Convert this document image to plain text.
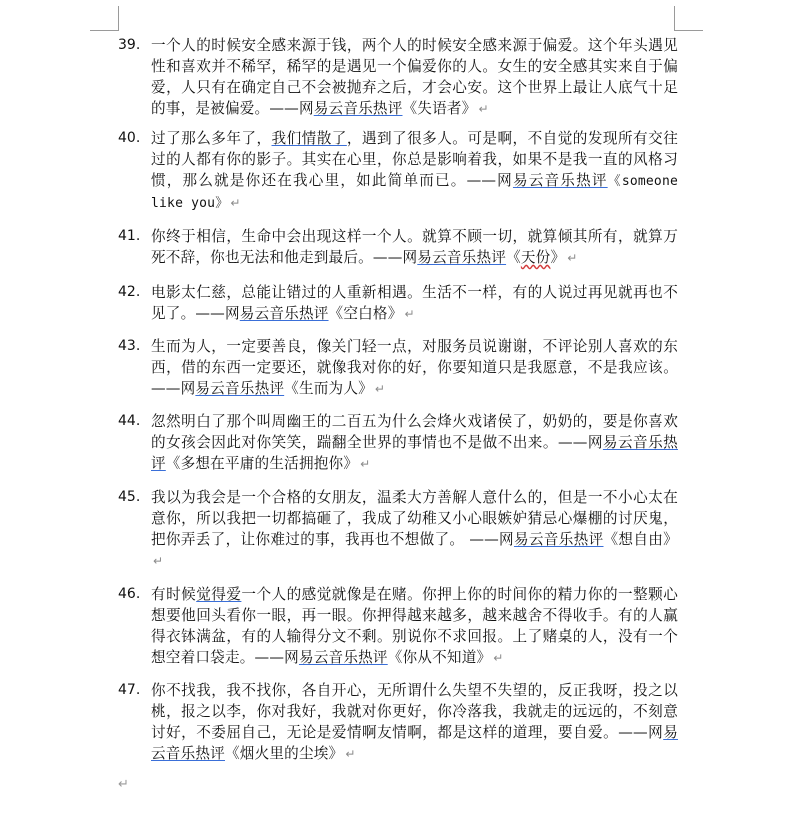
39. 一个人的时候安全感来源于钱，两个人的时候安全感来源于偏爱。这个年头遇见性和喜欢并不稀罕，稀罕的是遇见一个偏爱你的人。女生的安全感其实来自于偏爱，人只有在确定自己不会被抛弃之后，才会心安。这个世界上最让人底气十足的事，是被偏爱。——网易云音乐热评《失语者》 ↵
40. 过了那么多年了，我们情散了，遇到了很多人。可是啊，不自觉的发现所有交往过的人都有你的影子。其实在心里，你总是影响着我，如果不是我一直的风格习惯，那么就是你还在我心里，如此简单而已。——网易云音乐热评《someone like you》 ↵
41. 你终于相信，生命中会出现这样一个人。就算不顾一切，就算倾其所有，就算万死不辞，你也无法和他走到最后。——网易云音乐热评《天份》 ↵
42. 电影太仁慈，总能让错过的人重新相遇。生活不一样，有的人说过再见就再也不见了。——网易云音乐热评《空白格》 ↵
43. 生而为人，一定要善良，像关门轻一点，对服务员说谢谢，不评论别人喜欢的东西，借的东西一定要还，就像我对你的好，你要知道只是我愿意，不是我应该。——网易云音乐热评《生而为人》 ↵
44. 忽然明白了那个叫周幽王的二百五为什么会烽火戏诸侯了，奶奶的，要是你喜欢的女孩会因此对你笑笑，踹翻全世界的事情也不是做不出来。——网易云音乐热评《多想在平庸的生活拥抱你》 ↵
45. 我以为我会是一个合格的女朋友，温柔大方善解人意什么的，但是一不小心太在意你，所以我把一切都搞砸了，我成了幼稚又小心眼嫉妒猜忌心爆棚的讨厌鬼，把你弄丢了，让你难过的事，我再也不想做了。 ——网易云音乐热评《想自由》↵
46. 有时候觉得爱一个人的感觉就像是在赌。你押上你的时间你的精力你的一整颗心想要他回头看你一眼，再一眼。你押得越来越多，越来越舍不得收手。有的人赢得衣钵满盆，有的人输得分文不剩。别说你不求回报。上了赌桌的人，没有一个想空着口袋走。——网易云音乐热评《你从不知道》 ↵
47. 你不找我，我不找你，各自开心，无所谓什么失望不失望的，反正我呀，投之以桃，报之以李，你对我好，我就对你更好，你冷落我，我就走的远远的，不刻意讨好，不委屈自己，无论是爱情啊友情啊，都是这样的道理，要自爱。——网易云音乐热评《烟火里的尘埃》 ↵
↵
